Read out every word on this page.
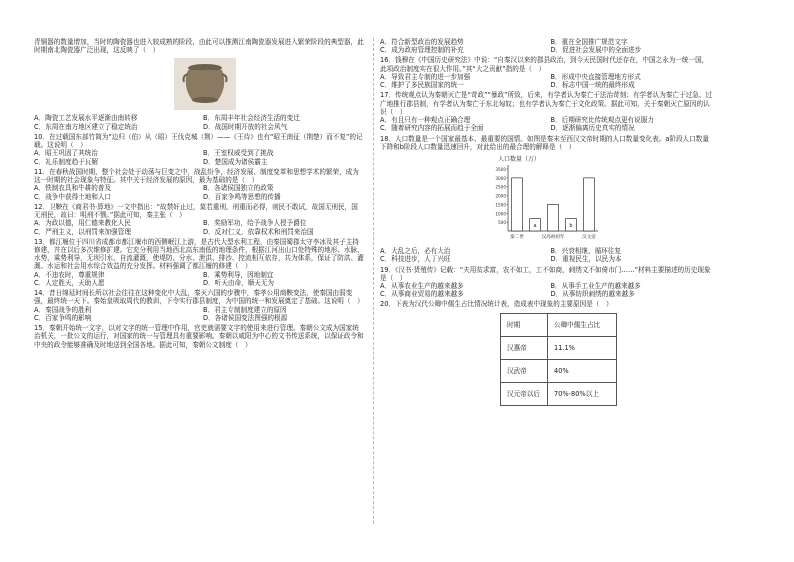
青铜器的数量增加，当时的陶瓷器也进入较成熟的阶段，由此可以推测江南陶瓷器发展进入繁荣阶段的典型器，此时期南北陶瓷器广泛出现，这反映了（　）

A．陶瓷工艺发展水平逐渐由南转移	B．东周丰年社会经济生活的变迁
C．东周在南方地区建立了稳定统治	D．战国时期开放的社会风气

10．在过载国东部竹简为“边归（伯）从（昭）王伐克城（荆）——《王待》也有“昭王南征（荆楚）而不复”的记载。这说明（　）

A．昭王巩固了其统治	B．王室权威受到了挑战
C．礼乐制度趋于瓦解	D．楚国成为诸侯霸主

11．在春秋战国时期，整个社会处于动荡与巨变之中，战乱纷争，经济发展、制度变革和思想学术的繁荣，成为这一时期的社会现象与特征。其中关于经济发展的原因，最为基础的是（　）

A．铁制农具和牛耕的普及	B．各诸侯国独立的政策
C．战争中获得土地和人口	D．百家争鸣等思想的传播

12．卫鞅在《商君书·算地》一文中指出：“故禁奸止过，莫若重刑，刑重而必得，则民不敢试，故国无刑民，国无刑民，故曰：明刑不戮。”据此可知，秦主张（　）

A．为政以德，用仁德来教化人民	B．奖励军功，给予战争人授予爵位
C．严刑主义，以刑罚来加强管理	D．反对仁义，依靠权术和刑罚来治国

13．都江堰位于四川省成都市都江堰市的西侧岷江上游，是古代大型水利工程，由秦国蜀郡太守李冰及其子主持修建，并在以后多次维修扩建。它充分利用当地西北高东南低的地理条件，根据江河出山口处特殊的地形、水脉、水势，乘势利导，无坝引水，自流灌溉，使堤防、分水、泄洪、排沙、控流相互依存，共为体系，保证了防洪、灌溉、水运和社会用水综合效益的充分发挥。材料强调了都江堰的修建（　）

A．不违农时，尊重规律	B．乘势利导，因地制宜
C．人定胜天，天助人愿	D．听天由命，顺天无为

14．昔日绵延时间长所以社会往往在这种变化中大乱，秦灭六国的步骤中，秦孝公用商鞅变法，使秦国由弱变强，最终统一天下。秦始皇吸取周代的教训，下令实行郡县制度，为中国的统一和发展奠定了基础。这说明（　）

A．秦国战争的胜利	B．君主专制制度建立的原因
C．百家争鸣的影响	D．各诸侯国变法图强的根源

15．秦朝开始统一文字，以对文字的统一管理中作用，官吏就需要文字的使用来进行管理。秦朝公文成为国家统治机关，一批公文的运行，对国家的统一与管理具有重要影响。秦朝以咸阳为中心的文书传送系统，以保证政令和中央的政令能够准确及时地送到全国各地。据此可知，秦朝公文制度（　）

A．符合新型政治的发展趋势	B．重在全国推广规范文字
C．成为政府管理控制的补充	D．促进社会发展中的全面进步

16．钱穆在《中国历史研究法》中说：“自秦汉以来的郡县政治，到今天民国时代还存在，中国之永为一统一国，此项政治制度实在很大作用。”其“大之贡献”指的是（　）

A．导致君主专制的进一步加强	B．形成中央直接管理地方形式
C．维护了多民族国家的统一	D．标志中国一统的最终形成

17．传统观点认为秦朝灭亡是“苛政”“暴政”所致，后来，有学者认为秦亡于法治苛刻；有学者认为秦亡于过急、过广地推行郡县制，有学者认为秦亡于东北匈奴；也有学者认为秦亡于文化政策。据此可知，关于秦朝灭亡原因的认识（　）

A．有且只有一种观点正确合理	B．后期研究比传统观点更有说服力
C．随着研究内容的拓展而趋于全面	D．逐渐偏离历史真实的情况

18．人口数量是一个国家最基本、最重要的国情。如图是秦末至西汉文帝时期的人口数量变化表。a阶段人口数量下降和b阶段人口数量迅速回升，对此给出的最合理的解释是（　）

人口数量（万）
500
1000
1500
2000
2500
3000
3500
a	b
秦二世	汉高祖初年	汉文帝
A．大乱之后，必有大治	B．兴衰相继，循环往复
C．科技进步，人丁兴旺	D．重视民生，以民为本

19．《汉书·货殖传》记载：“夫用贫求富，农不如工，工不如商，刺绣文不如倚市门……”材料主要描述的历史现象是（　）

A．从事农业生产的越来越多	B．从事手工业生产的越来越多
C．从事商业贸易的越来越多	D．从事纺织刺绣的越来越多

20．下表为汉代公卿中儒生占比情况统计表，造成表中现象的主要原因是（　）

时期	公卿中儒生占比
汉惠帝	11.1%
汉武帝	40%
汉元帝以后	70%-80%以上
